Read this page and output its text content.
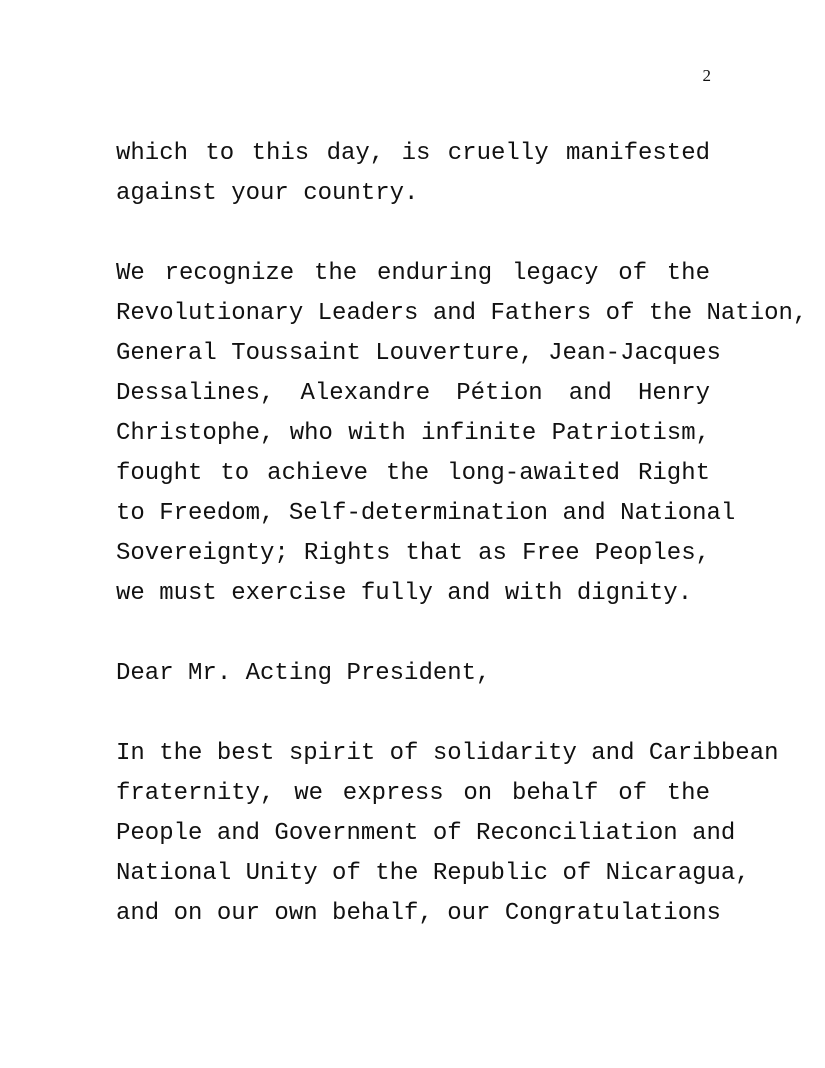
2

which to this day, is cruelly manifested
against your country.

We recognize the enduring legacy of the
Revolutionary Leaders and Fathers of the Nation,
General Toussaint Louverture, Jean-Jacques
Dessalines, Alexandre Pétion and Henry
Christophe, who with infinite Patriotism,
fought to achieve the long-awaited Right
to Freedom, Self-determination and National
Sovereignty; Rights that as Free Peoples,
we must exercise fully and with dignity.

Dear Mr. Acting President,

In the best spirit of solidarity and Caribbean
fraternity, we express on behalf of the
People and Government of Reconciliation and
National Unity of the Republic of Nicaragua,
and on our own behalf, our Congratulations
